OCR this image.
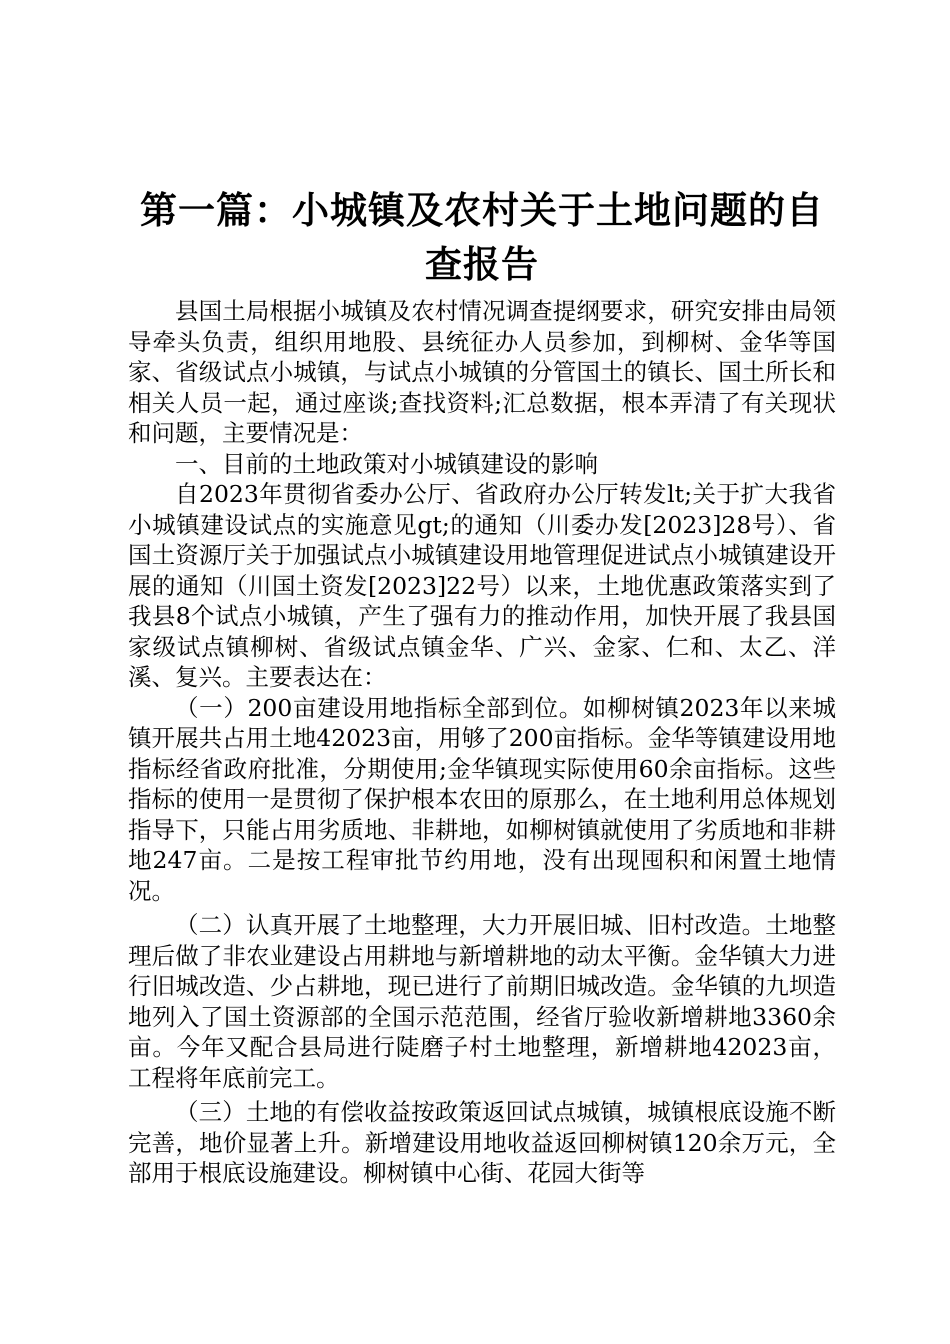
第一篇：小城镇及农村关于土地问题的自查报告

县国土局根据小城镇及农村情况调查提纲要求，研究安排由局领导牵头负责，组织用地股、县统征办人员参加，到柳树、金华等国家、省级试点小城镇，与试点小城镇的分管国土的镇长、国土所长和相关人员一起，通过座谈;查找资料;汇总数据，根本弄清了有关现状和问题，主要情况是：

一、目前的土地政策对小城镇建设的影响

自2023年贯彻省委办公厅、省政府办公厅转发lt;关于扩大我省小城镇建设试点的实施意见gt;的通知（川委办发[2023]28号）、省国土资源厅关于加强试点小城镇建设用地管理促进试点小城镇建设开展的通知（川国土资发[2023]22号）以来，土地优惠政策落实到了我县8个试点小城镇，产生了强有力的推动作用，加快开展了我县国家级试点镇柳树、省级试点镇金华、广兴、金家、仁和、太乙、洋溪、复兴。主要表达在：

（一）200亩建设用地指标全部到位。如柳树镇2023年以来城镇开展共占用土地42023亩，用够了200亩指标。金华等镇建设用地指标经省政府批准，分期使用;金华镇现实际使用60余亩指标。这些指标的使用一是贯彻了保护根本农田的原那么，在土地利用总体规划指导下，只能占用劣质地、非耕地，如柳树镇就使用了劣质地和非耕地247亩。二是按工程审批节约用地，没有出现囤积和闲置土地情况。

（二）认真开展了土地整理，大力开展旧城、旧村改造。土地整理后做了非农业建设占用耕地与新增耕地的动太平衡。金华镇大力进行旧城改造、少占耕地，现已进行了前期旧城改造。金华镇的九坝造地列入了国土资源部的全国示范范围，经省厅验收新增耕地3360余亩。今年又配合县局进行陡磨子村土地整理，新增耕地42023亩，工程将年底前完工。

（三）土地的有偿收益按政策返回试点城镇，城镇根底设施不断完善，地价显著上升。新增建设用地收益返回柳树镇120余万元，全部用于根底设施建设。柳树镇中心街、花园大街等
